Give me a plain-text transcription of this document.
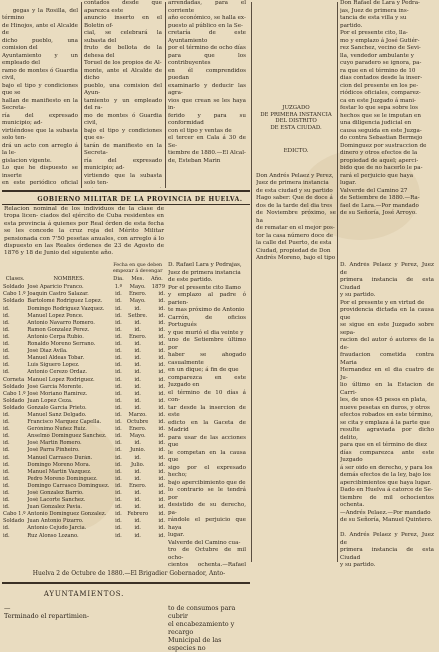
gegas y la Rosilla, del término
de Hinojos, ante el Alcalde de
dicho pueblo, una comision del
Ayuntamiento y un empleado del
ramo de montes ó Guardia civil,
bajo el tipo y condiciones que se
hallan de manifiesto en la Secreta-
ría del expresado municipio; ad-
virtiéndose que la subasta solo ten-
drá un acto con arreglo á la le-
gislacion vigente.
Lo que he dispuesto se inserte
en este periódico oficial

contados desde que aparezca este
anuncio inserto en el Boletin of-
cial, se celebrará la subasta del
fruto de bellota de la dehesa del
Toruel de los propios de Al-
monte, ante el Alcalde de dicho
pueblo, una comision del Ayun-
tamiento y un empleado del ra-
mo de montes ó Guardia civil,
bajo el tipo y condiciones que es-
tarán de manifiesto en la Secreta-
ría del expresado municipio; ad-
virtiendo que la subasta solo ten-

arrendadas, para el corriente
año económico, se halla ex-
puesto al público en la Se-
cretaría de este Ayuntamiento
por el término de ocho días
para que los contribuyentes
en él comprendidos puedan
examinarlo y deducir las agra-
vios que crean se les haya in-
ferido y para su conformidad
con el tipo y ventas de
el tercer en Cala á 30 de Se-
tiembre de 1880.—El Alcal-
de, Esteban Marin

JUZGADO
DE PRIMERA INSTANCIA
DEL DISTRITO
DE ESTA CIUDAD.

EDICTO.

Don Andrés Pelaez y Perez,
Juez de primera instancia
de esta ciudad y su partido
Hago saber: Que de doce á
dos de la tarde del dia tres
de Noviembre próximo, se ha
de rematar en el mejor pos-
tor la casa número doce de
la calle del Puerto, de esta
Ciudad, propiedad de Don
Andrés Moreno, bajo el tipo

Don Rafael de Lara y Pedra-
jas, Juez de primera ins-
tancia de esta villa y su
partido.
Por el presente cito, lla-
mo y emplazo á José Gutiér-
rez Sanchez, vecino de Sevi-
lla, vendedor ambulante y
cuyo paradero se ignora, pa-
ra que en el término de 10
dias contados desde la inser-
cion del presente en los pe-
riódicos oficiales, comparez-
ca en este Juzgado á mani-
festar lo que sepa sobre los
hechos que se le imputan en
una diligencia judicial en
causa seguida en este Juzga-
do contra Sebastian Bermejo
Dominguez por sustraccion de
dinero y otros efectos de la
propiedad de aquel; aperci-
bido que de no hacerlo le pa-
rará el perjuicio que haya
lugar.
Valverde del Camino 27
de Setiembre de 1880.—Ra-
fael de Lara.—Por mandado
de su Señoría, José Arroyo.
GOBIERNO MILITAR DE LA PROVINCIA DE HUELVA.
Relacion nominal de los individuos de la clase de tropa licen- ciados del ejército de Cuba residentes en esta provincia á quienes por Real órden de esta fecha se les concede la cruz roja del Mérito Militar pensionada con 7'50 pesetas anuales, con arreglo á lo dispuesto en las Reales órdenes de 23 de Agosto de 1876 y 18 de Junio del siguiente año.
Clases.	NOMBRES.	Fecha en que deben empezar á devengar		
		Dia.	Mes.	Año.
Soldado	José Aparicio Franco.	1.º	Mayo.	1879
Cabo 1.º	Joaquin Castro Salazar.	id.	Enero.	id.
Soldado	Bartolomé Rodriguez Lopez.	id.	Mayo.	id.
id.	Domingo Rodriguez Vazquez.	id.	id.	id.
id.	Manuel Lopez Ponce.	id.	Setbre.	id.
id.	Antonio Navarro Romero.	id.	id.	id.
id.	Ramon Gonzalez Perez.	id.	id.	id.
id.	Antonio Cerpa Rubio.	id.	Enero.	id.
id.	Ronaldo Moreno Serrano.	id.	id.	id.
id.	José Diaz Avila.	id.	id.	id.
id.	Manuel Aldeas Tobar.	id.	id.	id.
id.	Luis Siguero Lopez.	id.	id.	id.
id.	Antonio Cerezo Ordaz.	id.	id.	id.
Corneta	Manuel Lopez Rodriguez.	id.	id.	id.
Soldado	José Garcia Morente.	id.	id.	id.
Cabo 1.º	José Moriano Ramirez.	id.	id.	id.
Soldado	Juan Lopez Ceza.	id.	id.	id.
Soldado	Gonzalo Garcia Prieto.	id.	id.	id.
id.	Manuel Sanz Delgado.	id.	Marzo.	id.
id.	Francisco Marquez Capella.	id.	Octubre	id.
id.	Gerónimo Nuñez Ruiz.	id.	Enero.	id.
id.	Anselmo Dominguez Sanchez.	id.	Mayo.	id.
id.	José Martin Romero.	id.	id.	id.
id.	José Parra Pinheiro.	id.	Junio.	id.
id.	Manuel Carrasco Durán.	id.	id.	id.
id.	Domingo Moreno Mora.	id.	Julio.	id.
id.	Manuel Martin Vazquez.	id.	id.	id.
id.	Pedro Moreno Dominguez.	id.	id.	id.
id.	Domingo Carrasco Dominguez.	id.	Enero.	id.
id.	José Gonzalez Barrio.	id.	id.	id.
id.	José Lacorte Sanchez.	id.	id.	id.
id.	Juan Gonzalez Pavia.	id.	id.	id.
Cabo 1.º	Antonio Dominguez Gonzalez.	id.	Febrero	id.
Soldado	Juan Antonio Pizarro.	id.	id.	id.
id.	Antonio Cejudo Jarcia.	id.	id.	id.
id.	Ruz Alonso Lozano.	id.	id.	id.
D. Rafael Lara y Pedrajas,
Juez de primera instancia
de este partido.
Por el presente cito llamo
y emplazo al padre ó parien-
te mas próximo de Antonio
Carrón, de oficios Portugués
y que murió el dia veinte y
uno de Setiembre último por
haber se ahogado casualmente
en un dique; á fin de que
comparezca en este Juzgado en
el término de 10 días á con-
tar desde la insercion de este
edicto en la Gaceta de Madrid
para usar de las acciones que
le competan en la causa que
sigo por el expresado hecho;
bajo apercibimiento que de
lo contrario se le tendrá por
desistido de su derecho, pa-
rándole el perjuicio que haya
lugar.
Valverde del Camino cua-
tro de Octubre de mil ocho-
cientos ochenta.—Rafael

D. Andrés Pelaez y Perez, Juez de
primera instancia de esta Ciudad
y su partido.
Por el presente y en virtud de
providencia dictada en la causa que
se sigue en este Juzgado sobre sepa-
racion del autor ó autores de la de-
fraudacion cometida contra Maria
Hernandez en el dia cuatro de Ju-
lio último en la Estacion de Carri-
les, de unos 45 pesos en plata,
nueve pesetas en duros, y otros
efectos robados en este término,
se cita y emplaza á la parte que
resulte agraviada por dicho delito,
para que en el término de diez
días comparezca ante este Juzgado
á ser oido en derecho, y para los
demás efectos de la ley, bajo los
apercibimientos que haya lugar.
Dado en Huelva á catorce de Se-
tiembre de mil ochocientos ochenta.
—Andrés Pelaez.—Por mandado
de su Señoría, Manuel Quintero.

D. Andrés Pelaez y Perez, Juez de
primera instancia de esta Ciudad
y su partido.

Huelva 2 de Octubre de 1880.—El Brigadier Gobernador, Anto-
AYUNTAMIENTOS.
—
Terminado el repartimien-
to de consumos para cubrir
el encabezamiento y recargo
Municipal de las especies no
